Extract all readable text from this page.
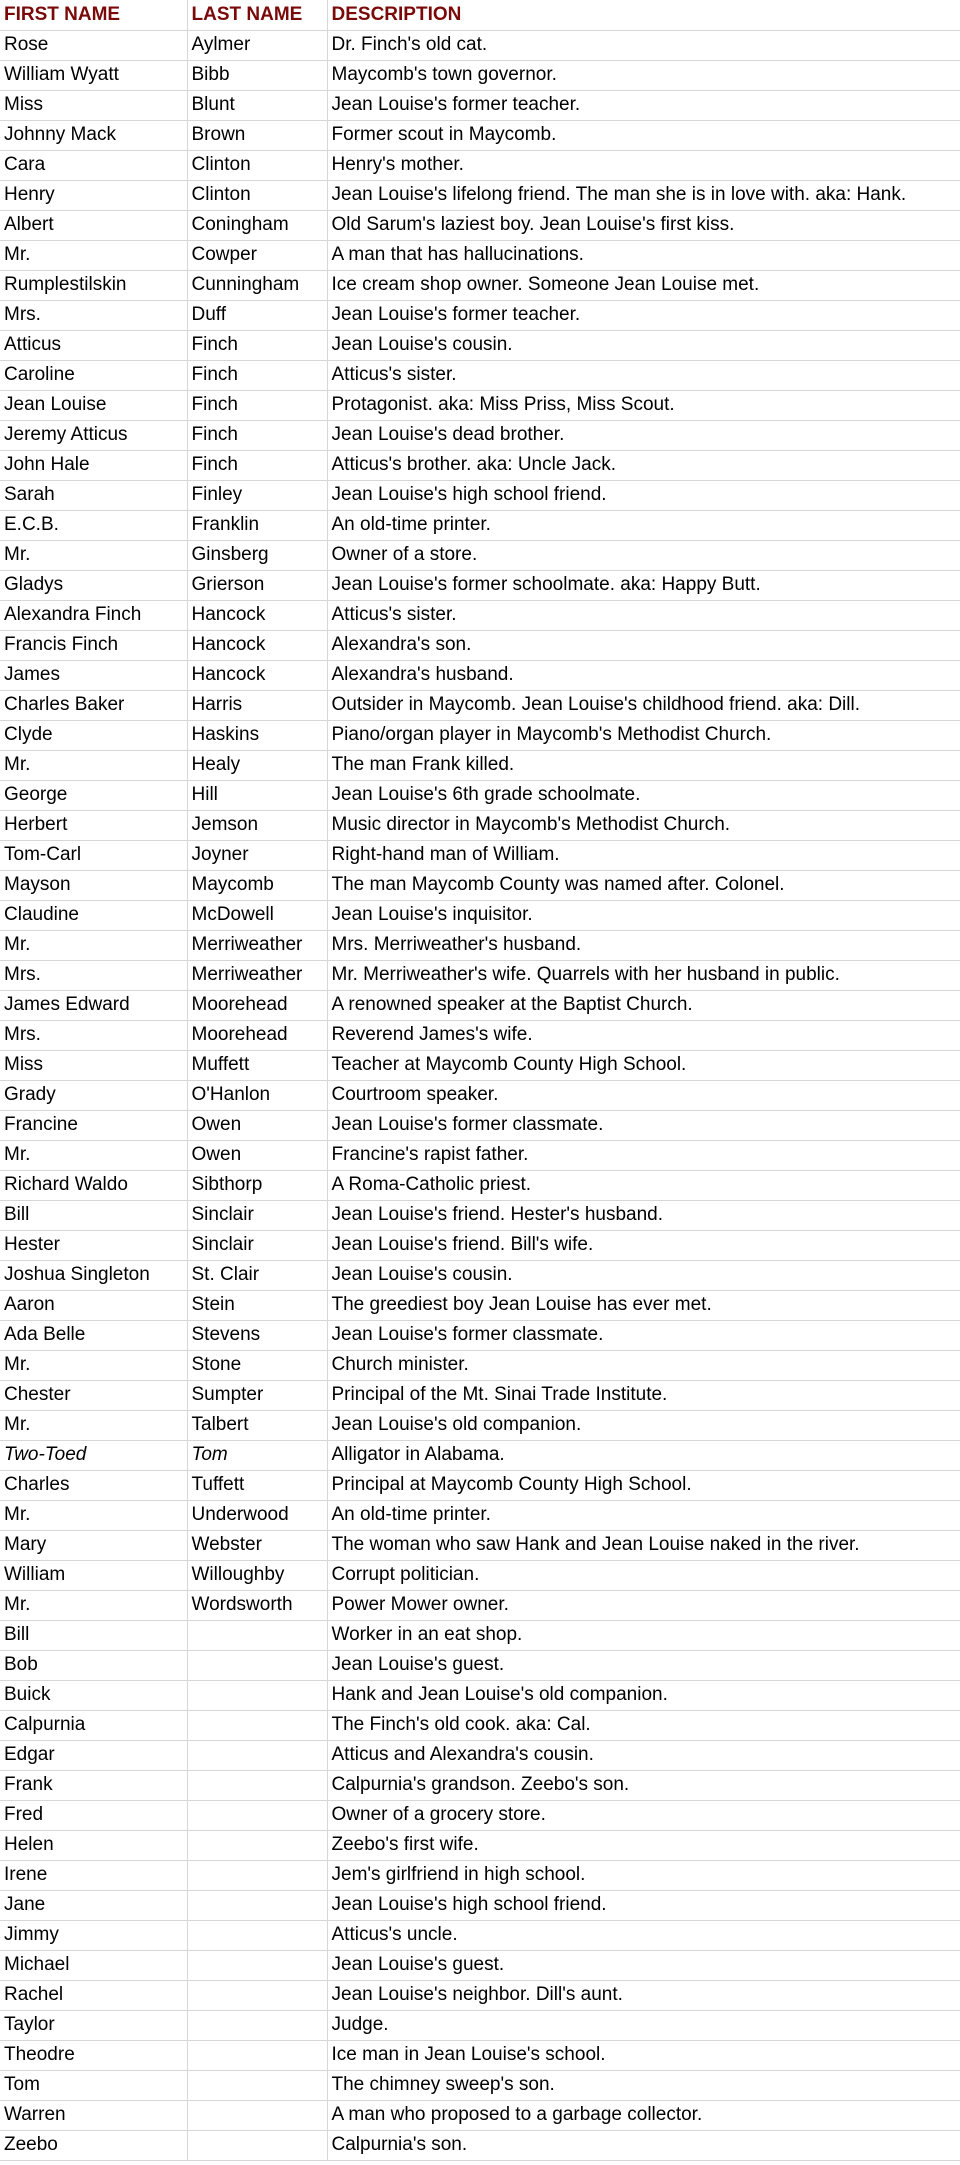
FIRST NAME	LAST NAME	DESCRIPTION
Rose	Aylmer	Dr. Finch's old cat.
William Wyatt	Bibb	Maycomb's town governor.
Miss	Blunt	Jean Louise's former teacher.
Johnny Mack	Brown	Former scout in Maycomb.
Cara	Clinton	Henry's mother.
Henry	Clinton	Jean Louise's lifelong friend. The man she is in love with. aka: Hank.
Albert	Coningham	Old Sarum's laziest boy. Jean Louise's first kiss.
Mr.	Cowper	A man that has hallucinations.
Rumplestilskin	Cunningham	Ice cream shop owner. Someone Jean Louise met.
Mrs.	Duff	Jean Louise's former teacher.
Atticus	Finch	Jean Louise's cousin.
Caroline	Finch	Atticus's sister.
Jean Louise	Finch	Protagonist. aka: Miss Priss, Miss Scout.
Jeremy Atticus	Finch	Jean Louise's dead brother.
John Hale	Finch	Atticus's brother. aka: Uncle Jack.
Sarah	Finley	Jean Louise's high school friend.
E.C.B.	Franklin	An old-time printer.
Mr.	Ginsberg	Owner of a store.
Gladys	Grierson	Jean Louise's former schoolmate. aka: Happy Butt.
Alexandra Finch	Hancock	Atticus's sister.
Francis Finch	Hancock	Alexandra's son.
James	Hancock	Alexandra's husband.
Charles Baker	Harris	Outsider in Maycomb. Jean Louise's childhood friend. aka: Dill.
Clyde	Haskins	Piano/organ player in Maycomb's Methodist Church.
Mr.	Healy	The man Frank killed.
George	Hill	Jean Louise's 6th grade schoolmate.
Herbert	Jemson	Music director in Maycomb's Methodist Church.
Tom-Carl	Joyner	Right-hand man of William.
Mayson	Maycomb	The man Maycomb County was named after. Colonel.
Claudine	McDowell	Jean Louise's inquisitor.
Mr.	Merriweather	Mrs. Merriweather's husband.
Mrs.	Merriweather	Mr. Merriweather's wife. Quarrels with her husband in public.
James Edward	Moorehead	A renowned speaker at the Baptist Church.
Mrs.	Moorehead	Reverend James's wife.
Miss	Muffett	Teacher at Maycomb County High School.
Grady	O'Hanlon	Courtroom speaker.
Francine	Owen	Jean Louise's former classmate.
Mr.	Owen	Francine's rapist father.
Richard Waldo	Sibthorp	A Roma-Catholic priest.
Bill	Sinclair	Jean Louise's friend. Hester's husband.
Hester	Sinclair	Jean Louise's friend. Bill's wife.
Joshua Singleton	St. Clair	Jean Louise's cousin.
Aaron	Stein	The greediest boy Jean Louise has ever met.
Ada Belle	Stevens	Jean Louise's former classmate.
Mr.	Stone	Church minister.
Chester	Sumpter	Principal of the Mt. Sinai Trade Institute.
Mr.	Talbert	Jean Louise's old companion.
Two-Toed	Tom	Alligator in Alabama.
Charles	Tuffett	Principal at Maycomb County High School.
Mr.	Underwood	An old-time printer.
Mary	Webster	The woman who saw Hank and Jean Louise naked in the river.
William	Willoughby	Corrupt politician.
Mr.	Wordsworth	Power Mower owner.
Bill		Worker in an eat shop.
Bob		Jean Louise's guest.
Buick		Hank and Jean Louise's old companion.
Calpurnia		The Finch's old cook. aka: Cal.
Edgar		Atticus and Alexandra's cousin.
Frank		Calpurnia's grandson. Zeebo's son.
Fred		Owner of a grocery store.
Helen		Zeebo's first wife.
Irene		Jem's girlfriend in high school.
Jane		Jean Louise's high school friend.
Jimmy		Atticus's uncle.
Michael		Jean Louise's guest.
Rachel		Jean Louise's neighbor. Dill's aunt.
Taylor		Judge.
Theodre		Ice man in Jean Louise's school.
Tom		The chimney sweep's son.
Warren		A man who proposed to a garbage collector.
Zeebo		Calpurnia's son.
